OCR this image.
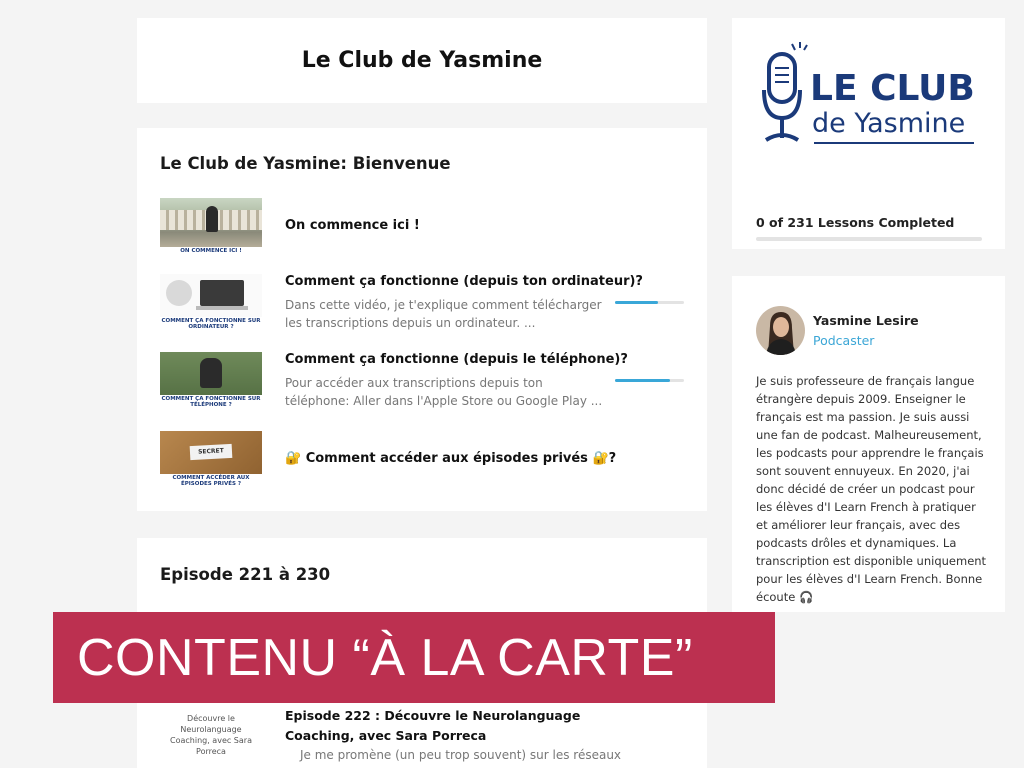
Le Club de Yasmine
Le Club de Yasmine: Bienvenue
ON COMMENCE ICI !
On commence ici !
COMMENT ÇA FONCTIONNE SUR ORDINATEUR ?
Comment ça fonctionne (depuis ton ordinateur)?
Dans cette vidéo, je t'explique comment télécharger les transcriptions depuis un ordinateur. ...
COMMENT ÇA FONCTIONNE SUR TÉLÉPHONE ?
Comment ça fonctionne (depuis le téléphone)?
Pour accéder aux transcriptions depuis ton téléphone: Aller dans l'Apple Store ou Google Play ...
SECRET
COMMENT ACCÉDER AUX ÉPISODES PRIVÉS ?
🔐 Comment accéder aux épisodes privés 🔐?
Episode 221 à 230
Découvre le Neurolanguage Coaching, avec Sara Porreca
Episode 222 : Découvre le Neurolanguage
Coaching, avec Sara Porreca
Je me promène (un peu trop souvent) sur les réseaux
LE CLUB
de Yasmine
0 of 231 Lessons Completed
Yasmine Lesire
Podcaster
Je suis professeure de français langue étrangère depuis 2009. Enseigner le français est ma passion. Je suis aussi une fan de podcast. Malheureusement, les podcasts pour apprendre le français sont souvent ennuyeux. En 2020, j'ai donc décidé de créer un podcast pour les élèves d'I Learn French à pratiquer et améliorer leur français, avec des podcasts drôles et dynamiques. La transcription est disponible uniquement pour les élèves d'I Learn French. Bonne écoute 🎧
CONTENU “À LA CARTE”
